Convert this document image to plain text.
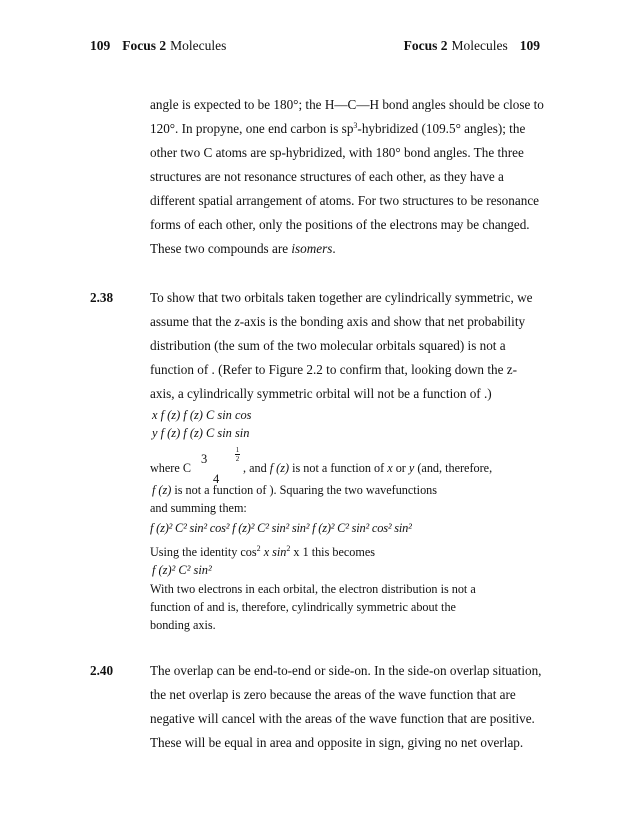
109 Focus 2 Molecules	Focus 2 Molecules 109
angle is expected to be 180°; the H—C—H bond angles should be close to
120°. In propyne, one end carbon is $sp^3$-hybridized (109.5° angles); the
other two C atoms are sp-hybridized, with 180° bond angles. The three
structures are not resonance structures of each other, as they have a
different spatial arrangement of atoms. For two structures to be resonance
forms of each other, only the positions of the electrons may be changed.
These two compounds are isomers.
2.38	To show that two orbitals taken together are cylindrically symmetric, we
assume that the z-axis is the bonding axis and show that net probability
distribution (the sum of the two molecular orbitals squared) is not a
function of . (Refer to Figure 2.2 to confirm that, looking down the z-
axis, a cylindrically symmetric orbital will not be a function of .)
x f (z) f (z) C sin cos
y f (z) f (z) C sin sin
1
2
3
4
where C	, and f (z) is not a function of x or y (and, therefore,
f (z) is not a function of ). Squaring the two wavefunctions
and summing them:
f (z)² C² sin² cos² f (z)² C² sin² sin² f (z)² C² sin² cos² sin²
Using the identity $\cos^2 x$ $\sin^2 x$ 1 this becomes
f (z)² C² sin²
With two electrons in each orbital, the electron distribution is not a
function of and is, therefore, cylindrically symmetric about the
bonding axis.
2.40	The overlap can be end-to-end or side-on. In the side-on overlap situation,
the net overlap is zero because the areas of the wave function that are
negative will cancel with the areas of the wave function that are positive.
These will be equal in area and opposite in sign, giving no net overlap.
